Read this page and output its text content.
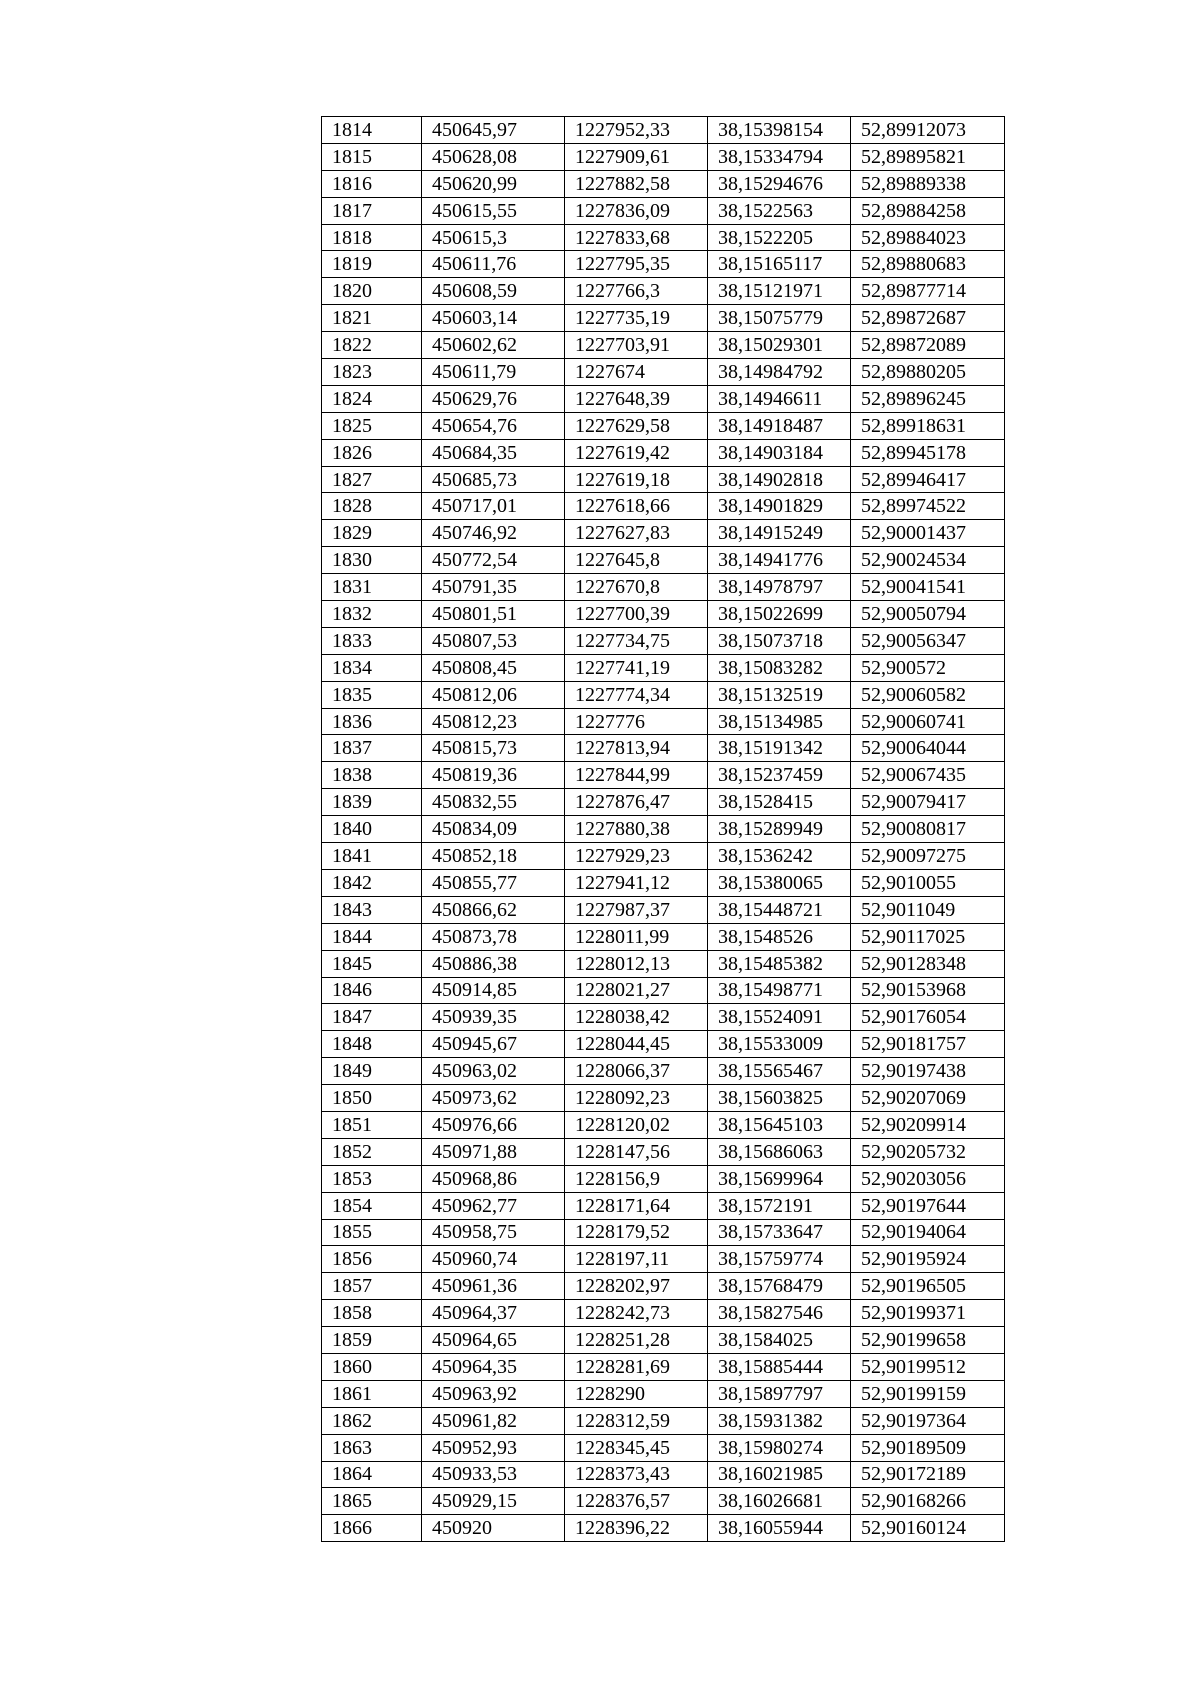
1814	450645,97	1227952,33	38,15398154	52,89912073
1815	450628,08	1227909,61	38,15334794	52,89895821
1816	450620,99	1227882,58	38,15294676	52,89889338
1817	450615,55	1227836,09	38,1522563	52,89884258
1818	450615,3	1227833,68	38,1522205	52,89884023
1819	450611,76	1227795,35	38,15165117	52,89880683
1820	450608,59	1227766,3	38,15121971	52,89877714
1821	450603,14	1227735,19	38,15075779	52,89872687
1822	450602,62	1227703,91	38,15029301	52,89872089
1823	450611,79	1227674	38,14984792	52,89880205
1824	450629,76	1227648,39	38,14946611	52,89896245
1825	450654,76	1227629,58	38,14918487	52,89918631
1826	450684,35	1227619,42	38,14903184	52,89945178
1827	450685,73	1227619,18	38,14902818	52,89946417
1828	450717,01	1227618,66	38,14901829	52,89974522
1829	450746,92	1227627,83	38,14915249	52,90001437
1830	450772,54	1227645,8	38,14941776	52,90024534
1831	450791,35	1227670,8	38,14978797	52,90041541
1832	450801,51	1227700,39	38,15022699	52,90050794
1833	450807,53	1227734,75	38,15073718	52,90056347
1834	450808,45	1227741,19	38,15083282	52,900572
1835	450812,06	1227774,34	38,15132519	52,90060582
1836	450812,23	1227776	38,15134985	52,90060741
1837	450815,73	1227813,94	38,15191342	52,90064044
1838	450819,36	1227844,99	38,15237459	52,90067435
1839	450832,55	1227876,47	38,1528415	52,90079417
1840	450834,09	1227880,38	38,15289949	52,90080817
1841	450852,18	1227929,23	38,1536242	52,90097275
1842	450855,77	1227941,12	38,15380065	52,9010055
1843	450866,62	1227987,37	38,15448721	52,9011049
1844	450873,78	1228011,99	38,1548526	52,90117025
1845	450886,38	1228012,13	38,15485382	52,90128348
1846	450914,85	1228021,27	38,15498771	52,90153968
1847	450939,35	1228038,42	38,15524091	52,90176054
1848	450945,67	1228044,45	38,15533009	52,90181757
1849	450963,02	1228066,37	38,15565467	52,90197438
1850	450973,62	1228092,23	38,15603825	52,90207069
1851	450976,66	1228120,02	38,15645103	52,90209914
1852	450971,88	1228147,56	38,15686063	52,90205732
1853	450968,86	1228156,9	38,15699964	52,90203056
1854	450962,77	1228171,64	38,1572191	52,90197644
1855	450958,75	1228179,52	38,15733647	52,90194064
1856	450960,74	1228197,11	38,15759774	52,90195924
1857	450961,36	1228202,97	38,15768479	52,90196505
1858	450964,37	1228242,73	38,15827546	52,90199371
1859	450964,65	1228251,28	38,1584025	52,90199658
1860	450964,35	1228281,69	38,15885444	52,90199512
1861	450963,92	1228290	38,15897797	52,90199159
1862	450961,82	1228312,59	38,15931382	52,90197364
1863	450952,93	1228345,45	38,15980274	52,90189509
1864	450933,53	1228373,43	38,16021985	52,90172189
1865	450929,15	1228376,57	38,16026681	52,90168266
1866	450920	1228396,22	38,16055944	52,90160124
